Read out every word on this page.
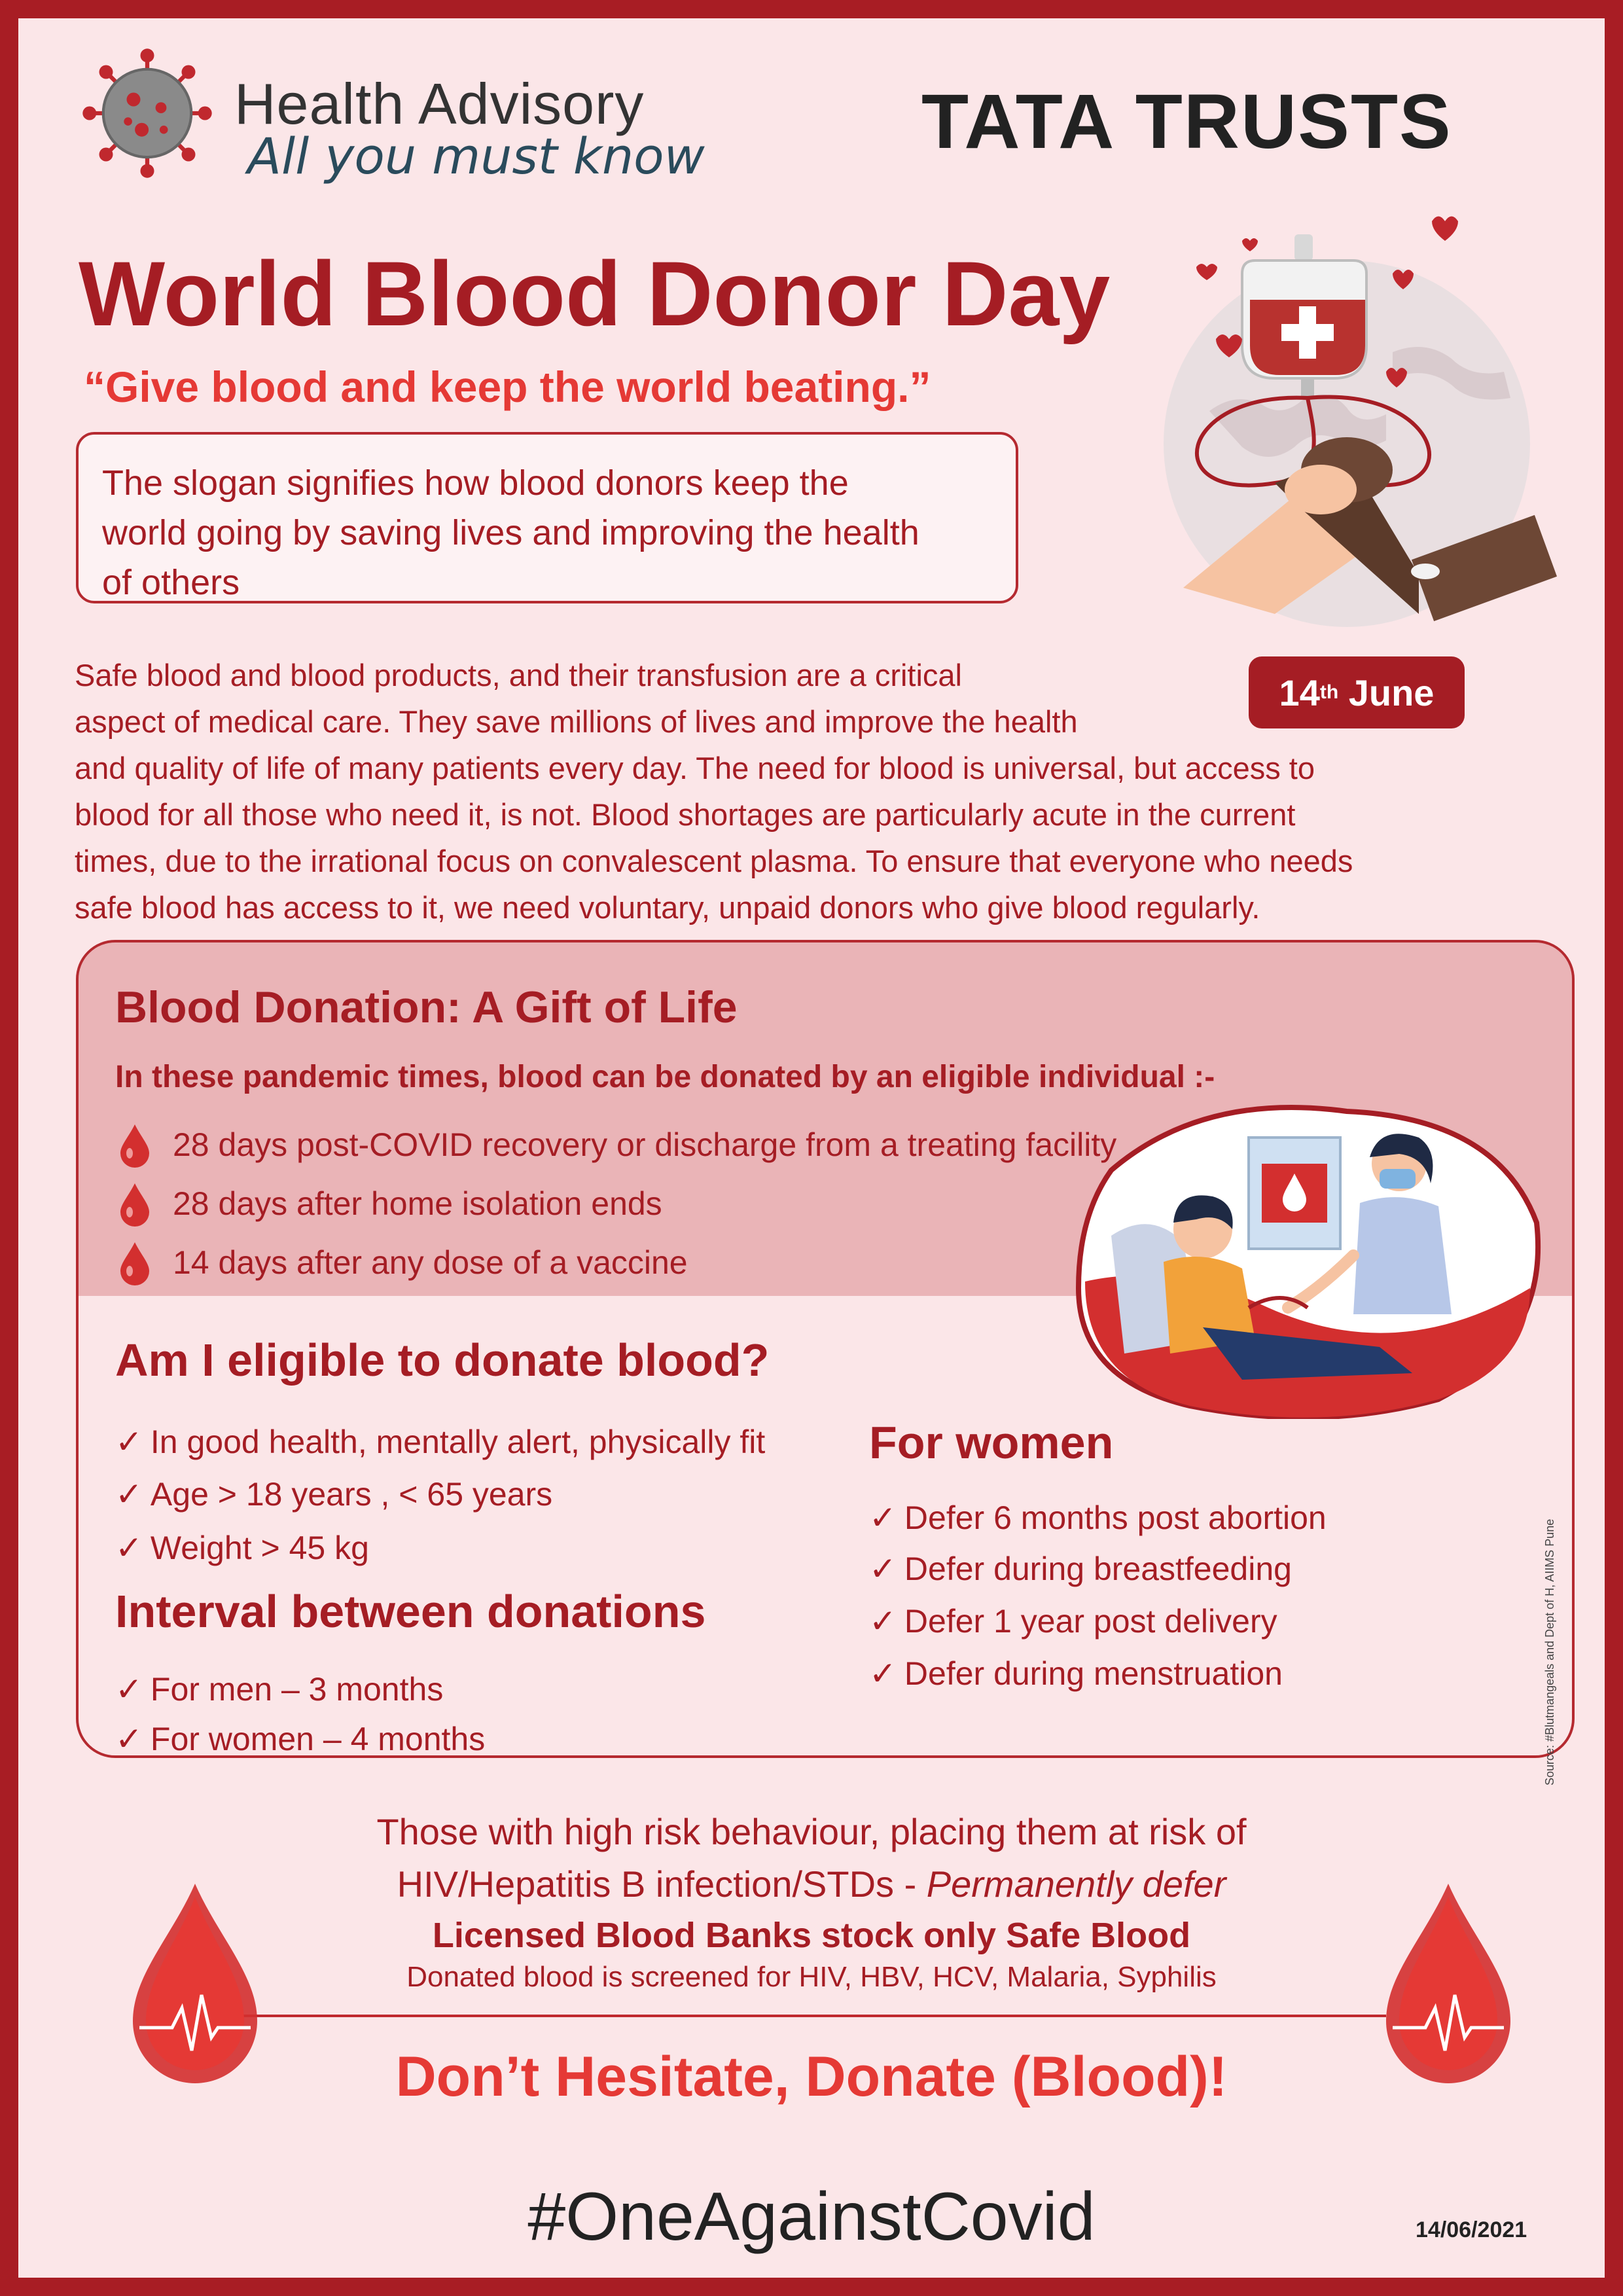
Health Advisory
All you must know	TATA TRUSTS
World Blood Donor Day
“Give blood and keep the world beating.”
The slogan signifies how blood donors keep the
world going by saving lives and improving the health
of others
14 th
June
Safe blood and blood products, and their transfusion are a critical
aspect of medical care. They save millions of lives and improve the health
and quality of life of many patients every day. The need for blood is universal, but access to
blood for all those who need it, is not. Blood shortages are particularly acute in the current
times, due to the irrational focus on convalescent plasma. To ensure that everyone who needs
safe blood has access to it, we need voluntary, unpaid donors who give blood regularly.
Blood Donation: A Gift of Life
In these pandemic times, blood can be donated by an eligible individual :-
28 days post-COVID recovery or discharge from a treating facility
28 days after home isolation ends
14 days after any dose of a vaccine
Am I eligible to donate blood?
✓ In good health, mentally alert, physically fit
✓ Age > 18 years , < 65 years
✓ Weight > 45 kg
Interval between donations
✓ For men – 3 months
✓ For women – 4 months
For women
✓ Defer 6 months post abortion
✓ Defer during breastfeeding
✓ Defer 1 year post delivery
✓ Defer during menstruation	Source: #Blutmangeals and Dept of H, AIIMS Pune
Those with high risk behaviour, placing them at risk of
HIV/Hepatitis B infection/STDs - Permanently defer
Licensed Blood Banks stock only Safe Blood
Donated blood is screened for HIV, HBV, HCV, Malaria, Syphilis
Don’t Hesitate, Donate (Blood)!
#OneAgainstCovid	14/06/2021
